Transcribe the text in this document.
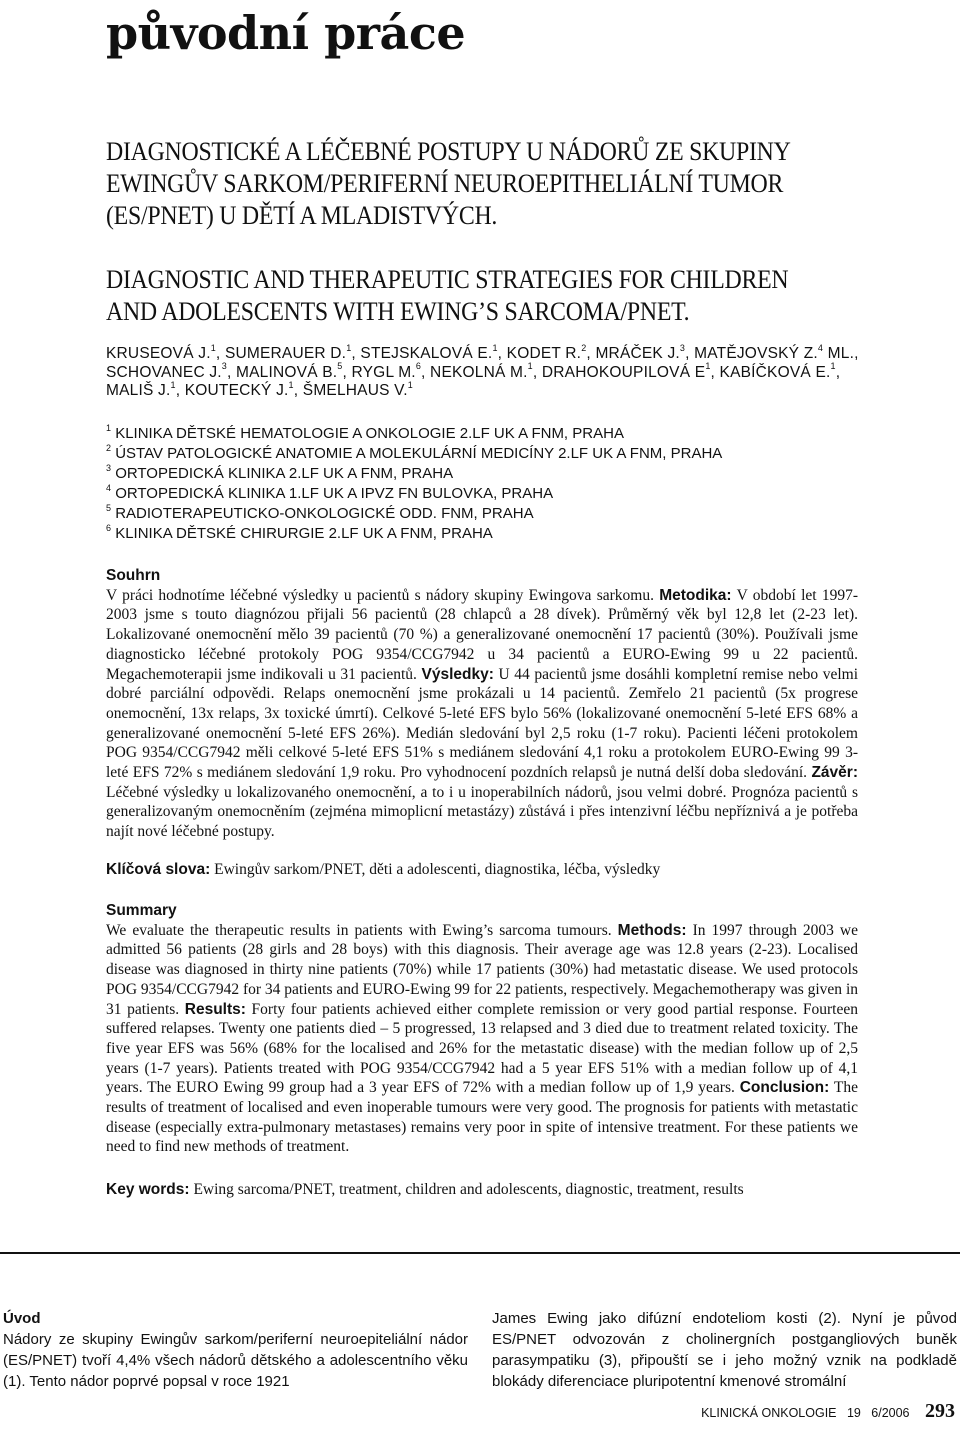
původní práce
DIAGNOSTICKÉ A LÉČEBNÉ POSTUPY U NÁDORŮ ZE SKUPINY
EWINGŮV SARKOM/PERIFERNÍ NEUROEPITHELIÁLNÍ TUMOR
(ES/PNET) U DĚTÍ A MLADISTVÝCH.
DIAGNOSTIC AND THERAPEUTIC STRATEGIES FOR CHILDREN
AND ADOLESCENTS WITH EWING’S SARCOMA/PNET.
KRUSEOVÁ J.$^1$, SUMERAUER D.$^1$, STEJSKALOVÁ E.$^1$, KODET R.$^2$, MRÁČEK J.$^3$, MATĚJOVSKÝ Z.$^4$ ML., SCHOVANEC J.$^3$, MALINOVÁ B.$^5$, RYGL M.$^6$, NEKOLNÁ M.$^1$, DRAHOKOUPILOVÁ $E^1$, KABÍČKOVÁ E.$^1$, MALIŠ J.$^1$, KOUTECKÝ J.$^1$, ŠMELHAUS V.$^1$
$^1$ KLINIKA DĚTSKÉ HEMATOLOGIE A ONKOLOGIE 2.LF UK A FNM, PRAHA
$^2$ ÚSTAV PATOLOGICKÉ ANATOMIE A MOLEKULÁRNÍ MEDICÍNY 2.LF UK A FNM, PRAHA
$^3$ ORTOPEDICKÁ KLINIKA 2.LF UK A FNM, PRAHA
$^4$ ORTOPEDICKÁ KLINIKA 1.LF UK A IPVZ FN BULOVKA, PRAHA
$^5$ RADIOTERAPEUTICKO-ONKOLOGICKÉ ODD. FNM, PRAHA
$^6$ KLINIKA DĚTSKÉ CHIRURGIE 2.LF UK A FNM, PRAHA
Souhrn
V práci hodnotíme léčebné výsledky u pacientů s nádory skupiny Ewingova sarkomu. Metodika: V období let 1997-2003 jsme s touto diagnózou přijali 56 pacientů (28 chlapců a 28 dívek). Průměrný věk byl 12,8 let (2-23 let). Lokalizované onemocnění mělo 39 pacientů (70 %) a generalizované onemocnění 17 pacientů (30%). Používali jsme diagnosticko léčebné protokoly POG 9354/CCG7942 u 34 pacientů a EURO-Ewing 99 u 22 pacientů. Megachemoterapii jsme indikovali u 31 pacientů. Výsledky: U 44 pacientů jsme dosáhli kompletní remise nebo velmi dobré parciální odpovědi. Relaps onemocnění jsme prokázali u 14 pacientů. Zemřelo 21 pacientů (5x progrese onemocnění, 13x relaps, 3x toxické úmrtí). Celkové 5-leté EFS bylo 56% (lokalizované onemocnění 5-leté EFS 68% a generalizované onemocnění 5-leté EFS 26%). Medián sledování byl 2,5 roku (1-7 roku). Pacienti léčeni protokolem POG 9354/CCG7942 měli celkové 5-leté EFS 51% s mediánem sledování 4,1 roku a protokolem EURO-Ewing 99 3-leté EFS 72% s mediánem sledování 1,9 roku. Pro vyhodnocení pozdních relapsů je nutná delší doba sledování. Závěr: Léčebné výsledky u lokalizovaného onemocnění, a to i u inoperabilních nádorů, jsou velmi dobré. Prognóza pacientů s generalizovaným onemocněním (zejména mimoplicní metastázy) zůstává i přes intenzivní léčbu nepříznivá a je potřeba najít nové léčebné postupy.
Klíčová slova: Ewingův sarkom/PNET, děti a adolescenti, diagnostika, léčba, výsledky
Summary
We evaluate the therapeutic results in patients with Ewing’s sarcoma tumours. Methods: In 1997 through 2003 we admitted 56 patients (28 girls and 28 boys) with this diagnosis. Their average age was 12.8 years (2-23). Localised disease was diagnosed in thirty nine patients (70%) while 17 patients (30%) had metastatic disease. We used protocols POG 9354/CCG7942 for 34 patients and EURO-Ewing 99 for 22 patients, respectively. Megachemotherapy was given in 31 patients. Results: Forty four patients achieved either complete remission or very good partial response. Fourteen suffered relapses. Twenty one patients died – 5 progressed, 13 relapsed and 3 died due to treatment related toxicity. The five year EFS was 56% (68% for the localised and 26% for the metastatic disease) with the median follow up of 2,5 years (1-7 years). Patients treated with POG 9354/CCG7942 had a 5 year EFS 51% with a median follow up of 4,1 years. The EURO Ewing 99 group had a 3 year EFS of 72% with a median follow up of 1,9 years. Conclusion: The results of treatment of localised and even inoperable tumours were very good. The prognosis for patients with metastatic disease (especially extra-pulmonary metastases) remains very poor in spite of intensive treatment. For these patients we need to find new methods of treatment.
Key words: Ewing sarcoma/PNET, treatment, children and adolescents, diagnostic, treatment, results
Úvod
Nádory ze skupiny Ewingův sarkom/periferní neuroepiteliální nádor (ES/PNET) tvoří 4,4% všech nádorů dětského a adolescentního věku (1). Tento nádor poprvé popsal v roce 1921
James Ewing jako difúzní endoteliom kosti (2). Nyní je původ ES/PNET odvozován z cholinergních postgangliových buněk parasympatiku (3), připouští se i jeho možný vznik na podkladě blokády diferenciace pluripotentní kmenové stromální
KLINICKÁ ONKOLOGIE 19 6/2006 293
